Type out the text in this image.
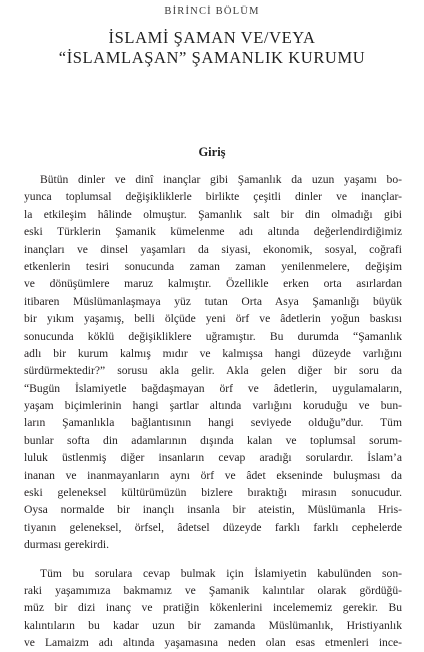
BİRİNCİ BÖLÜM
İSLAMİ ŞAMAN VE/VEYA
“İSLAMLAŞAN” ŞAMANLIK KURUMU
Giriş
Bütün dinler ve dinî inançlar gibi Şamanlık da uzun yaşamı bo-
yunca toplumsal değişikliklerle birlikte çeşitli dinler ve inançlar-
la etkileşim hâlinde olmuştur. Şamanlık salt bir din olmadığı gibi
eski Türklerin Şamanik kümelenme adı altında değerlendirdiğimiz
inançları ve dinsel yaşamları da siyasi, ekonomik, sosyal, coğrafi
etkenlerin tesiri sonucunda zaman zaman yenilenmelere, değişim
ve dönüşümlere maruz kalmıştır. Özellikle erken orta asırlardan
itibaren Müslümanlaşmaya yüz tutan Orta Asya Şamanlığı büyük
bir yıkım yaşamış, belli ölçüde yeni örf ve âdetlerin yoğun baskısı
sonucunda köklü değişikliklere uğramıştır. Bu durumda “Şamanlık
adlı bir kurum kalmış mıdır ve kalmışsa hangi düzeyde varlığını
sürdürmektedir?” sorusu akla gelir. Akla gelen diğer bir soru da
“Bugün İslamiyetle bağdaşmayan örf ve âdetlerin, uygulamaların,
yaşam biçimlerinin hangi şartlar altında varlığını koruduğu ve bun-
ların Şamanlıkla bağlantısının hangi seviyede olduğu”dur. Tüm
bunlar softa din adamlarının dışında kalan ve toplumsal sorum-
luluk üstlenmiş diğer insanların cevap aradığı sorulardır. İslam’a
inanan ve inanmayanların aynı örf ve âdet ekseninde buluşması da
eski geleneksel kültürümüzün bizlere bıraktığı mirasın sonucudur.
Oysa normalde bir inançlı insanla bir ateistin, Müslümanla Hris-
tiyanın geleneksel, örfsel, âdetsel düzeyde farklı farklı cephelerde
durması gerekirdi.
Tüm bu sorulara cevap bulmak için İslamiyetin kabulünden son-
raki yaşamımıza bakmamız ve Şamanik kalıntılar olarak gördüğü-
müz bir dizi inanç ve pratiğin kökenlerini incelememiz gerekir. Bu
kalıntıların bu kadar uzun bir zamanda Müslümanlık, Hristiyanlık
ve Lamaizm adı altında yaşamasına neden olan esas etmenleri ince-
